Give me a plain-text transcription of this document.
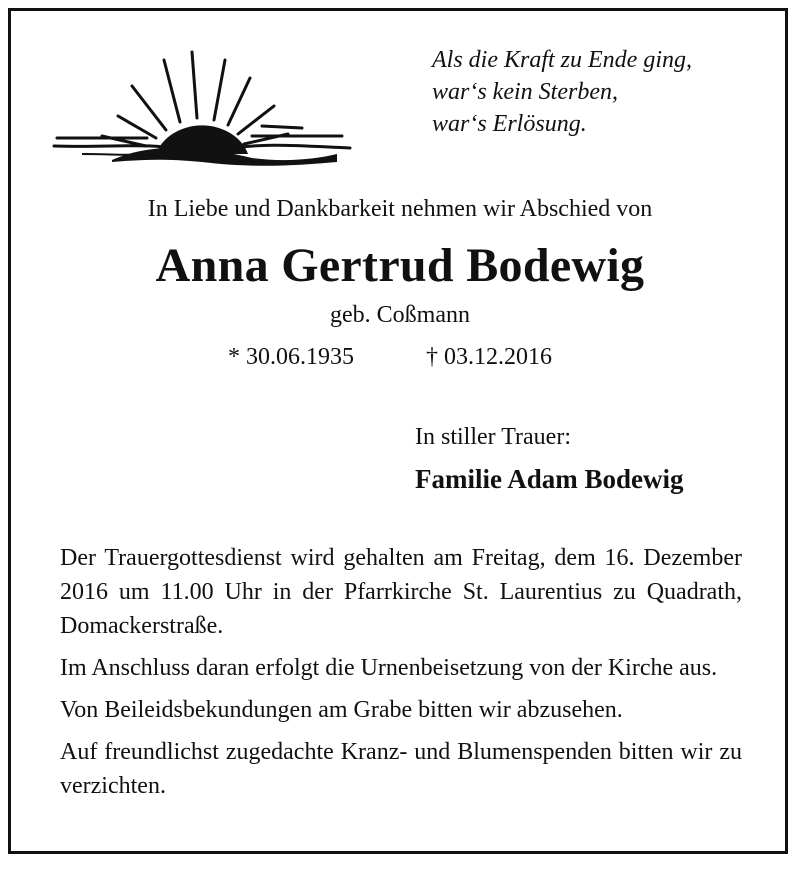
Als die Kraft zu Ende ging,
war‘s kein Sterben,
war‘s Erlösung.
In Liebe und Dankbarkeit nehmen wir Abschied von
Anna Gertrud Bodewig
geb. Coßmann
* 30.06.1935	† 03.12.2016
In stiller Trauer:
Familie Adam Bodewig

Der Trauergottesdienst wird gehalten am Freitag, dem 16. Dezember 2016 um 11.00 Uhr in der Pfarrkirche St. Laurentius zu Quadrath, Domackerstraße.

Im Anschluss daran erfolgt die Urnenbeisetzung von der Kirche aus.

Von Beileidsbekundungen am Grabe bitten wir abzusehen.

Auf freundlichst zugedachte Kranz- und Blumenspenden bitten wir zu verzichten.
